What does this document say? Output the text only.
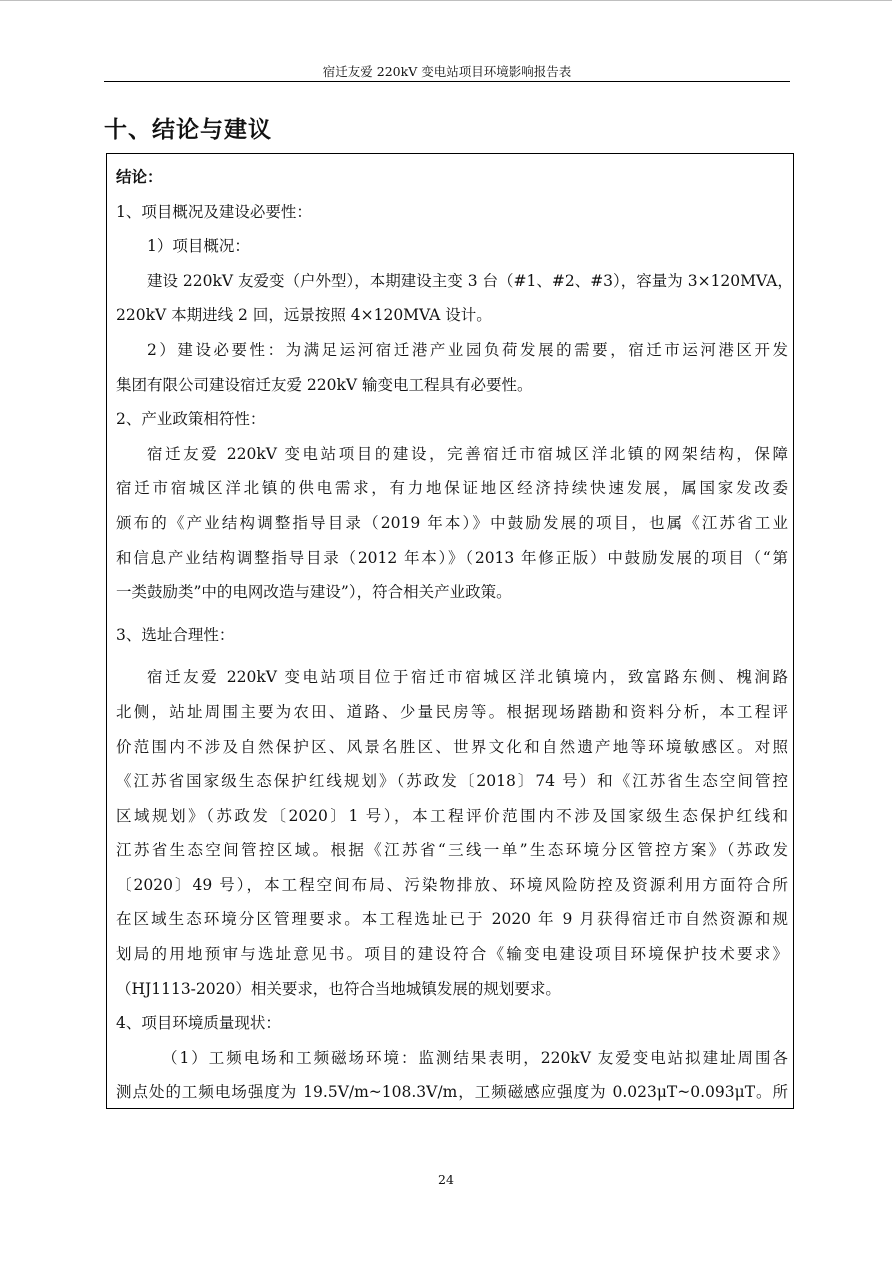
宿迁友爱 220kV 变电站项目环境影响报告表
十、结论与建议
结论：
1、项目概况及建设必要性：
1）项目概况：
建设 220kV 友爱变（户外型），本期建设主变 3 台（#1、#2、#3），容量为 3×120MVA，
220kV 本期进线 2 回，远景按照 4×120MVA 设计。
2）建设必要性：为满足运河宿迁港产业园负荷发展的需要，宿迁市运河港区开发
集团有限公司建设宿迁友爱 220kV 输变电工程具有必要性。
2、产业政策相符性：
宿迁友爱 220kV 变电站项目的建设，完善宿迁市宿城区洋北镇的网架结构，保障
宿迁市宿城区洋北镇的供电需求，有力地保证地区经济持续快速发展，属国家发改委
颁布的《产业结构调整指导目录（2019 年本）》中鼓励发展的项目，也属《江苏省工业
和信息产业结构调整指导目录（2012 年本）》（2013 年修正版）中鼓励发展的项目（“第
一类鼓励类”中的电网改造与建设”），符合相关产业政策。
3、选址合理性：
宿迁友爱 220kV 变电站项目位于宿迁市宿城区洋北镇境内，致富路东侧、槐涧路
北侧，站址周围主要为农田、道路、少量民房等。根据现场踏勘和资料分析，本工程评
价范围内不涉及自然保护区、风景名胜区、世界文化和自然遗产地等环境敏感区。对照
《江苏省国家级生态保护红线规划》（苏政发〔2018〕74 号）和《江苏省生态空间管控
区域规划》（苏政发〔2020〕1 号），本工程评价范围内不涉及国家级生态保护红线和
江苏省生态空间管控区域。根据《江苏省“三线一单”生态环境分区管控方案》（苏政发
〔2020〕49 号），本工程空间布局、污染物排放、环境风险防控及资源利用方面符合所
在区域生态环境分区管理要求。本工程选址已于 2020 年 9 月获得宿迁市自然资源和规
划局的用地预审与选址意见书。项目的建设符合《输变电建设项目环境保护技术要求》
（HJ1113-2020）相关要求，也符合当地城镇发展的规划要求。
4、项目环境质量现状：
（1）工频电场和工频磁场环境：监测结果表明，220kV 友爱变电站拟建址周围各
测点处的工频电场强度为 19.5V/m~108.3V/m，工频磁感应强度为 0.023μT~0.093μT。所
24
